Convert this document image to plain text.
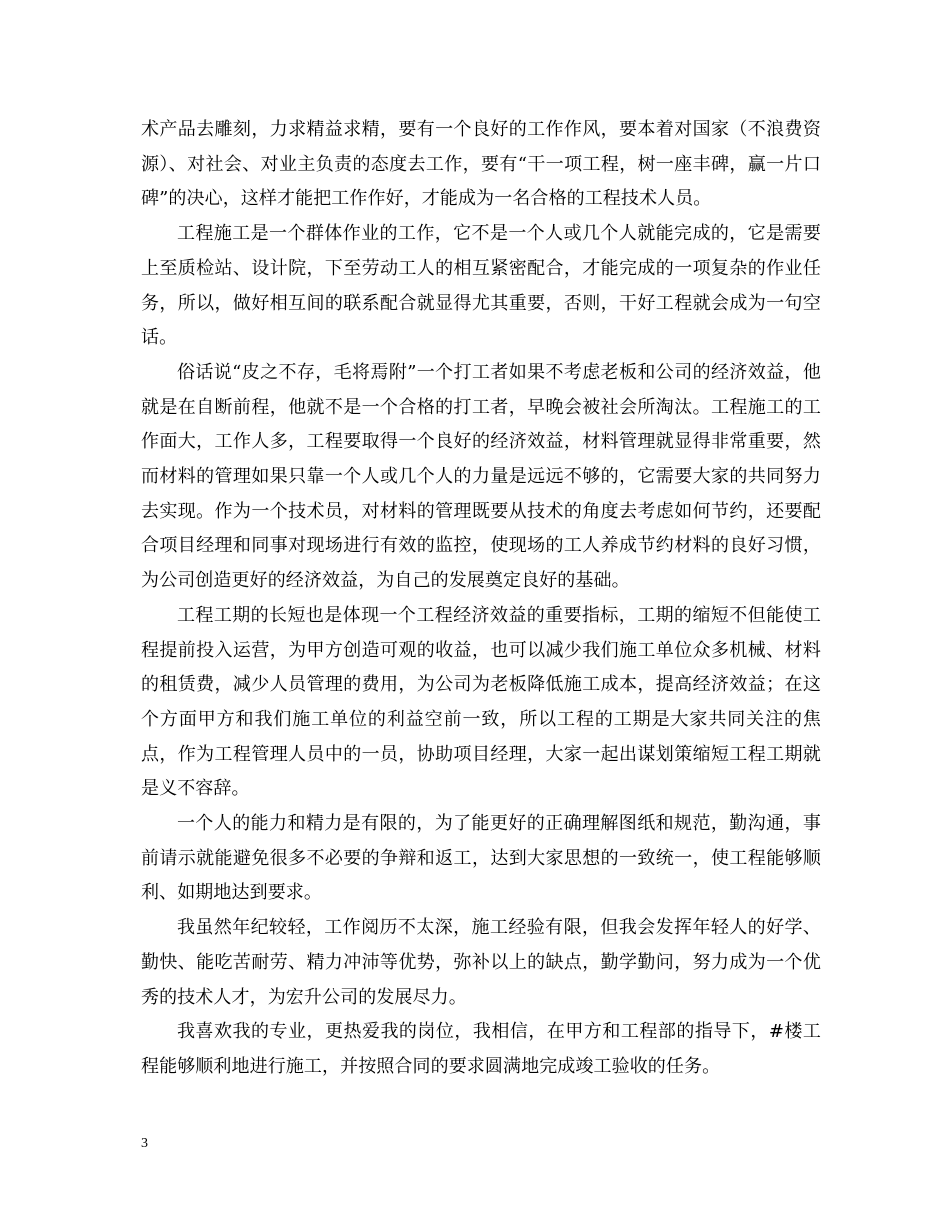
术产品去雕刻，力求精益求精，要有一个良好的工作作风，要本着对国家（不浪费资源）、对社会、对业主负责的态度去工作，要有“干一项工程，树一座丰碑，赢一片口碑”的决心，这样才能把工作作好，才能成为一名合格的工程技术人员。

工程施工是一个群体作业的工作，它不是一个人或几个人就能完成的，它是需要上至质检站、设计院，下至劳动工人的相互紧密配合，才能完成的一项复杂的作业任务，所以，做好相互间的联系配合就显得尤其重要，否则，干好工程就会成为一句空话。

俗话说“皮之不存，毛将焉附”一个打工者如果不考虑老板和公司的经济效益，他就是在自断前程，他就不是一个合格的打工者，早晚会被社会所淘汰。工程施工的工作面大，工作人多，工程要取得一个良好的经济效益，材料管理就显得非常重要，然而材料的管理如果只靠一个人或几个人的力量是远远不够的，它需要大家的共同努力去实现。作为一个技术员，对材料的管理既要从技术的角度去考虑如何节约，还要配合项目经理和同事对现场进行有效的监控，使现场的工人养成节约材料的良好习惯，为公司创造更好的经济效益，为自己的发展奠定良好的基础。

工程工期的长短也是体现一个工程经济效益的重要指标，工期的缩短不但能使工程提前投入运营，为甲方创造可观的收益，也可以减少我们施工单位众多机械、材料的租赁费，减少人员管理的费用，为公司为老板降低施工成本，提高经济效益；在这个方面甲方和我们施工单位的利益空前一致，所以工程的工期是大家共同关注的焦点，作为工程管理人员中的一员，协助项目经理，大家一起出谋划策缩短工程工期就是义不容辞。

一个人的能力和精力是有限的，为了能更好的正确理解图纸和规范，勤沟通，事前请示就能避免很多不必要的争辩和返工，达到大家思想的一致统一，使工程能够顺利、如期地达到要求。

我虽然年纪较轻，工作阅历不太深，施工经验有限，但我会发挥年轻人的好学、勤快、能吃苦耐劳、精力冲沛等优势，弥补以上的缺点，勤学勤问，努力成为一个优秀的技术人才，为宏升公司的发展尽力。

我喜欢我的专业，更热爱我的岗位，我相信，在甲方和工程部的指导下，#楼工程能够顺利地进行施工，并按照合同的要求圆满地完成竣工验收的任务。

3
